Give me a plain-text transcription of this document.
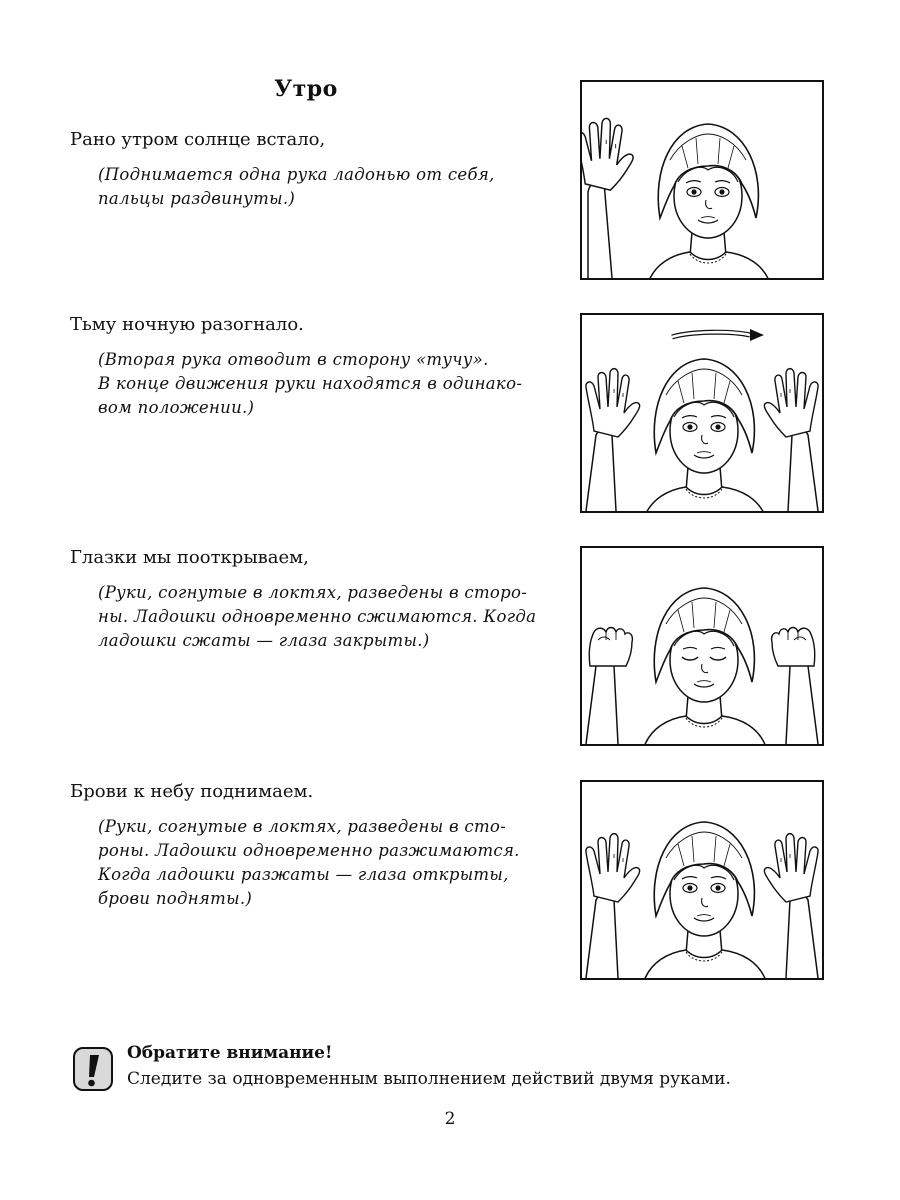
Утро

Рано утром солнце встало,

(Поднимается одна рука ладонью от себя,
пальцы раздвинуты.)

Тьму ночную разогнало.

(Вторая рука отводит в сторону «тучу».
В конце движения руки находятся в одинако-
вом положении.)

Глазки мы пооткрываем,

(Руки, согнутые в локтях, разведены в сторо-
ны. Ладошки одновременно сжимаются. Когда
ладошки сжаты — глаза закрыты.)

Брови к небу поднимаем.

(Руки, согнутые в локтях, разведены в сто-
роны. Ладошки одновременно разжимаются.
Когда ладошки разжаты — глаза открыты,
брови подняты.)

Обратите внимание!

Следите за одновременным выполнением действий двумя руками.

2
